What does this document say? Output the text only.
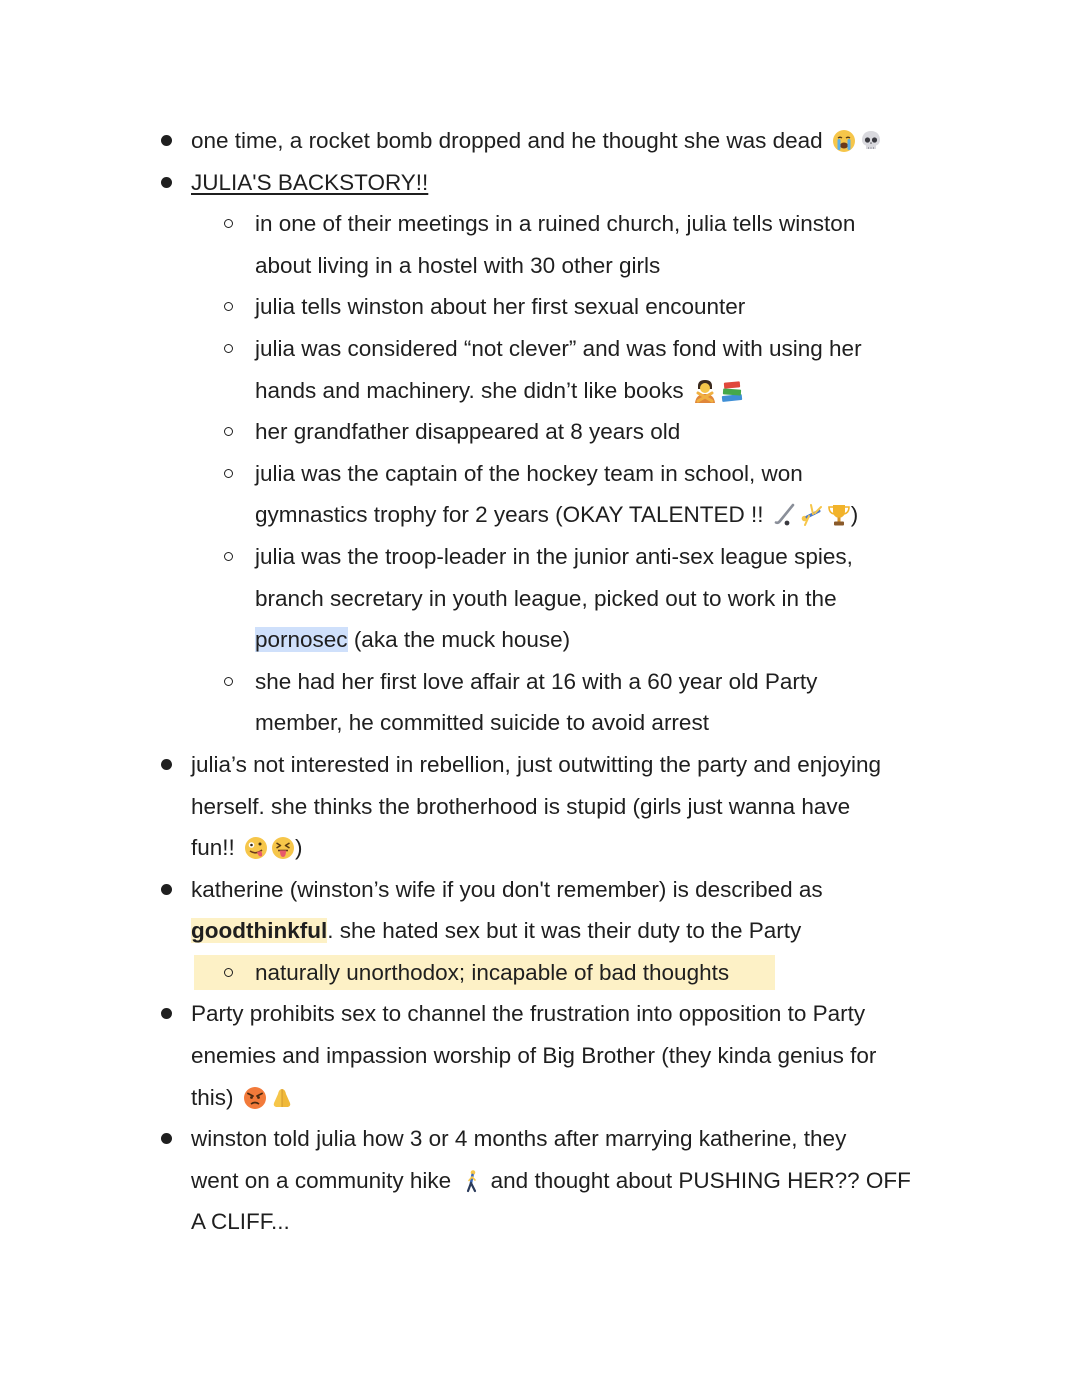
one time, a rocket bomb dropped and he thought she was dead
JULIA'S BACKSTORY!!
in one of their meetings in a ruined church, julia tells winston
about living in a hostel with 30 other girls
julia tells winston about her first sexual encounter
julia was considered “not clever” and was fond with using her
hands and machinery. she didn’t like books
her grandfather disappeared at 8 years old
julia was the captain of the hockey team in school, won
gymnastics trophy for 2 years (OKAY TALENTED !!	)
julia was the troop-leader in the junior anti-sex league spies,
branch secretary in youth league, picked out to work in the
pornosec (aka the muck house)
she had her first love affair at 16 with a 60 year old Party
member, he committed suicide to avoid arrest
julia’s not interested in rebellion, just outwitting the party and enjoying
herself. she thinks the brotherhood is stupid (girls just wanna have
fun!!	)
katherine (winston’s wife if you don't remember) is described as
goodthinkful. she hated sex but it was their duty to the Party
naturally unorthodox; incapable of bad thoughts
Party prohibits sex to channel the frustration into opposition to Party
enemies and impassion worship of Big Brother (they kinda genius for
this)
winston told julia how 3 or 4 months after marrying katherine, they
went on a community hike and thought about PUSHING HER?? OFF
A CLIFF...
